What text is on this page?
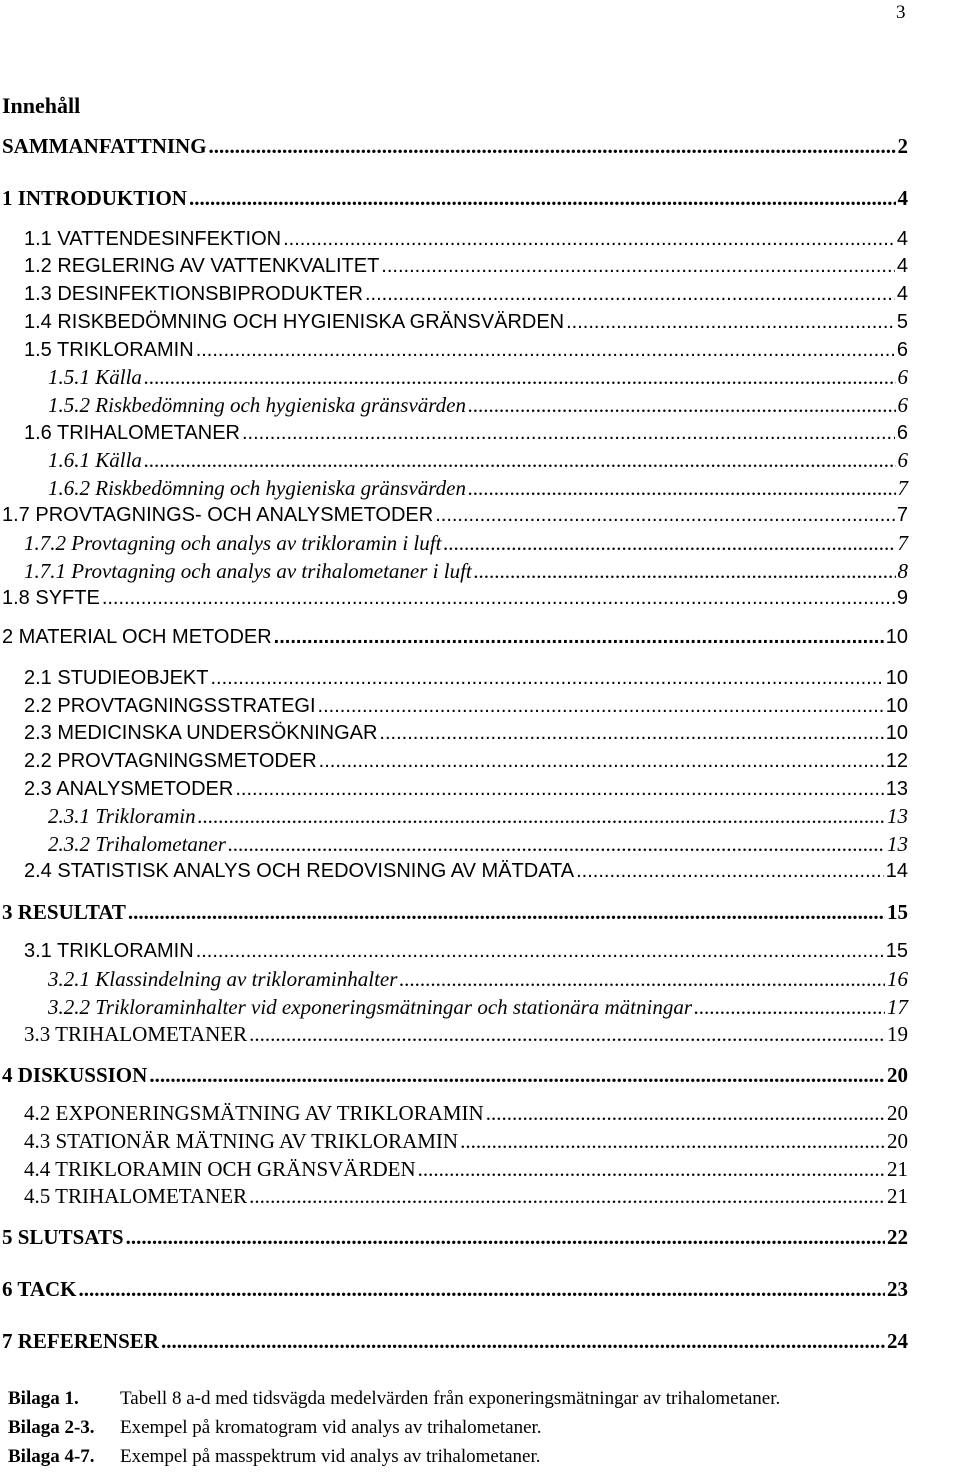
3
Innehåll
SAMMANFATTNING .....	2
1 INTRODUKTION .....	4
1.1 VATTENDESINFEKTION .....	4
1.2 REGLERING AV VATTENKVALITET .....	4
1.3 DESINFEKTIONSBIPRODUKTER .....	4
1.4 RISKBEDÖMNING OCH HYGIENISKA GRÄNSVÄRDEN .....	5
1.5 TRIKLORAMIN .....	6
1.5.1 Källa .....	6
1.5.2 Riskbedömning och hygieniska gränsvärden .....	6
1.6 TRIHALOMETANER .....	6
1.6.1 Källa .....	6
1.6.2 Riskbedömning och hygieniska gränsvärden .....	7
1.7 PROVTAGNINGS- OCH ANALYSMETODER .....	7
1.7.2 Provtagning och analys av trikloramin i luft .....	7
1.7.1 Provtagning och analys av trihalometaner i luft .....	8
1.8 SYFTE .....	9
2 MATERIAL OCH METODER .....	10
2.1 STUDIEOBJEKT .....	10
2.2 PROVTAGNINGSSTRATEGI .....	10
2.3 MEDICINSKA UNDERSÖKNINGAR .....	10
2.2 PROVTAGNINGSMETODER .....	12
2.3 ANALYSMETODER .....	13
2.3.1 Trikloramin .....	13
2.3.2 Trihalometaner .....	13
2.4 STATISTISK ANALYS OCH REDOVISNING AV MÄTDATA .....	14
3 RESULTAT .....	15
3.1 TRIKLORAMIN .....	15
3.2.1 Klassindelning av trikloraminhalter .....	16
3.2.2 Trikloraminhalter vid exponeringsmätningar och stationära mätningar .....	17
3.3 TRIHALOMETANER .....	19
4 DISKUSSION .....	20
4.2 EXPONERINGSMÄTNING AV TRIKLORAMIN .....	20
4.3 STATIONÄR MÄTNING AV TRIKLORAMIN .....	20
4.4 TRIKLORAMIN OCH GRÄNSVÄRDEN .....	21
4.5 TRIHALOMETANER .....	21
5 SLUTSATS .....	22
6 TACK .....	23
7 REFERENSER .....	24
Bilaga 1. Tabell 8 a-d med tidsvägda medelvärden från exponeringsmätningar av trihalometaner.
Bilaga 2-3. Exempel på kromatogram vid analys av trihalometaner.
Bilaga 4-7. Exempel på masspektrum vid analys av trihalometaner.
